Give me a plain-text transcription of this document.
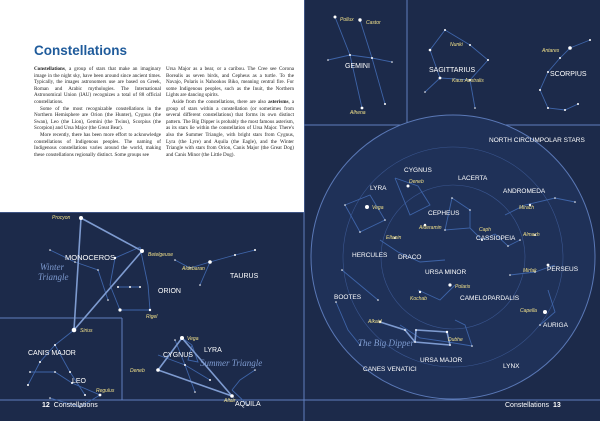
GEMINI
SAGITTARIUS
SCORPIUS
MONOCEROS
ORION
TAURUS
CANIS MAJOR
LEO
CYGNUS
LYRA
AQUILA
NORTH CIRCUMPOLAR STARS
LYRA
CYGNUS
LACERTA
ANDROMEDA
CEPHEUS
CASSIOPEIA
HERCULES DRACO
URSA MINOR	PERSEUS
BOOTES	CAMELOPARDALIS
AURIGA
URSA MAJOR
CANES VENATICI	LYNX
Pollux Castor
Alhena
Nunki
Kaus Australis
Antares
Procyon
Betelgeuse
Aldebaran
Sirius
Rigel
Regulus
Vega
Deneb
Altair
Vega
Deneb
Alderamin
Mirach
Caph
Almach
Eltanin
Mirfak
Polaris
Kochab
Capella
Alkaid
Dubhe
Winter
Triangle
Summer Triangle
The Big Dipper
Constellations

Constellations, a group of stars that make an imaginary image in the night sky, have been around since ancient times. Typically, the images astronomers use are based on Greek, Roman and Arabic mythologies. The International Astronomical Union (IAU) recognizes a total of 88 official constellations.

Some of the most recognizable constellations in the Northern Hemisphere are Orion (the Hunter), Cygnus (the Swan), Leo (the Lion), Gemini (the Twins), Scorpius (the Scorpion) and Ursa Major (the Great Bear).

More recently, there has been more effort to acknowledge constellations of Indigenous peoples. The naming of Indigenous constellations varies around the world, making these constellations regionally distinct. Some groups see

Ursa Major as a bear, or a caribou. The Cree see Corona Borealis as seven birds, and Cepheus as a turtle. To the Navajo, Polaris is Nahookos Biko, meaning central fire. For some Indigenous peoples, such as the Inuit, the Northern Lights are dancing spirits.

Aside from the constellations, there are also asterisms, a group of stars within a constellation (or sometimes from several different constellations) that forms its own distinct pattern. The Big Dipper is probably the most famous asterism, as its stars lie within the constellation of Ursa Major. There's also the Summer Triangle, with bright stars from Cygnus, Lyra (the Lyre) and Aquila (the Eagle), and the Winter Triangle with stars from Orion, Canis Major (the Great Dog) and Canis Minor (the Little Dog).

12 Constellations	Constellations 13
